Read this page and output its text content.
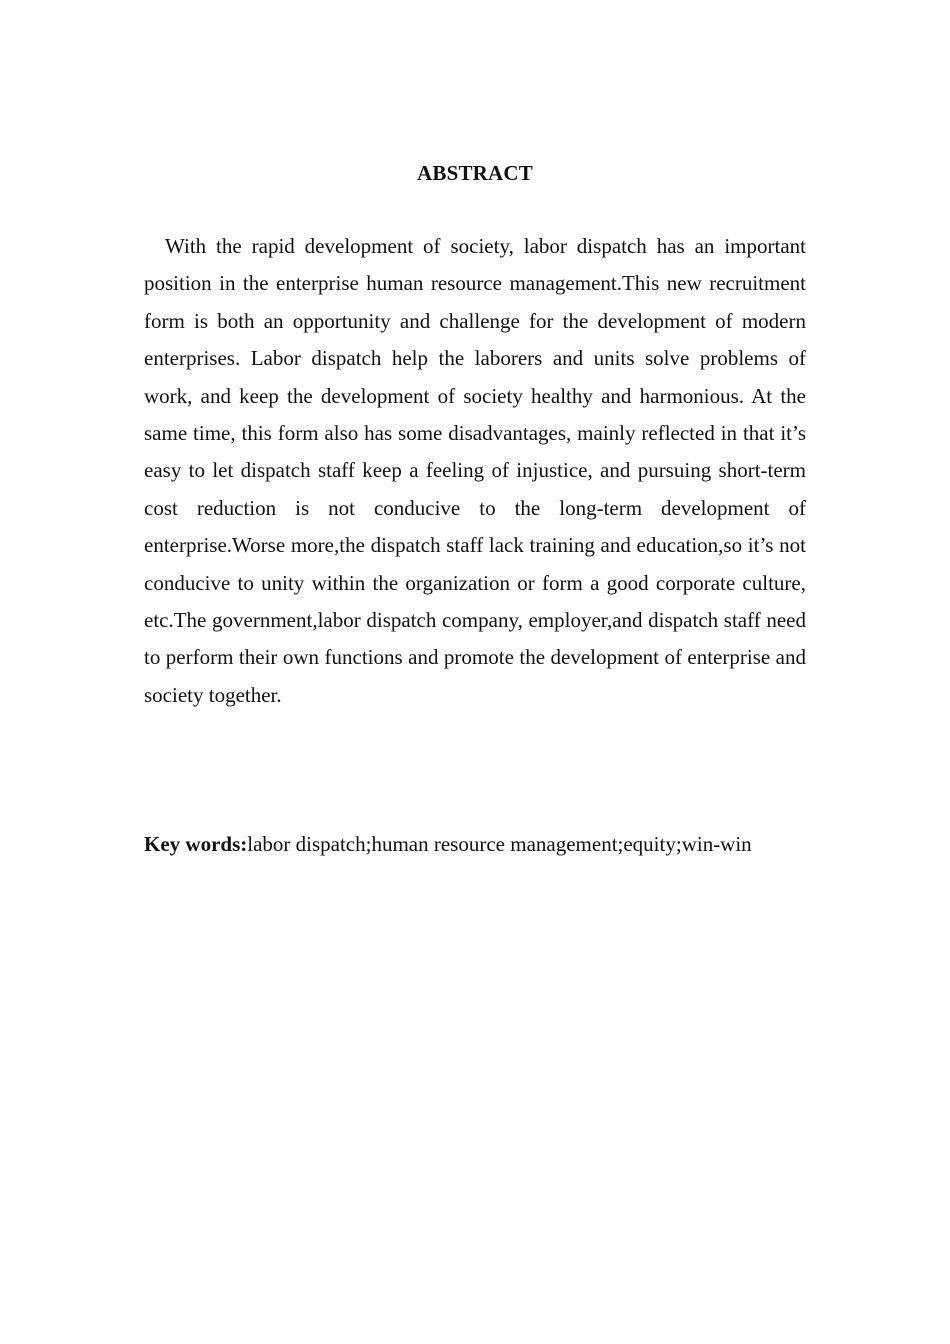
ABSTRACT

With the rapid development of society, labor dispatch has an important position in the enterprise human resource management.This new recruitment form is both an opportunity and challenge for the development of modern enterprises. Labor dispatch help the laborers and units solve problems of work, and keep the development of society healthy and harmonious. At the same time, this form also has some disadvantages, mainly reflected in that it’s easy to let dispatch staff keep a feeling of injustice, and pursuing short-term cost reduction is not conducive to the long-term development of enterprise.Worse more,the dispatch staff lack training and education,so it’s not conducive to unity within the organization or form a good corporate culture, etc.The government,labor dispatch company, employer,and dispatch staff need to perform their own functions and promote the development of enterprise and society together.

Key words:labor dispatch;human resource management;equity;win-win
